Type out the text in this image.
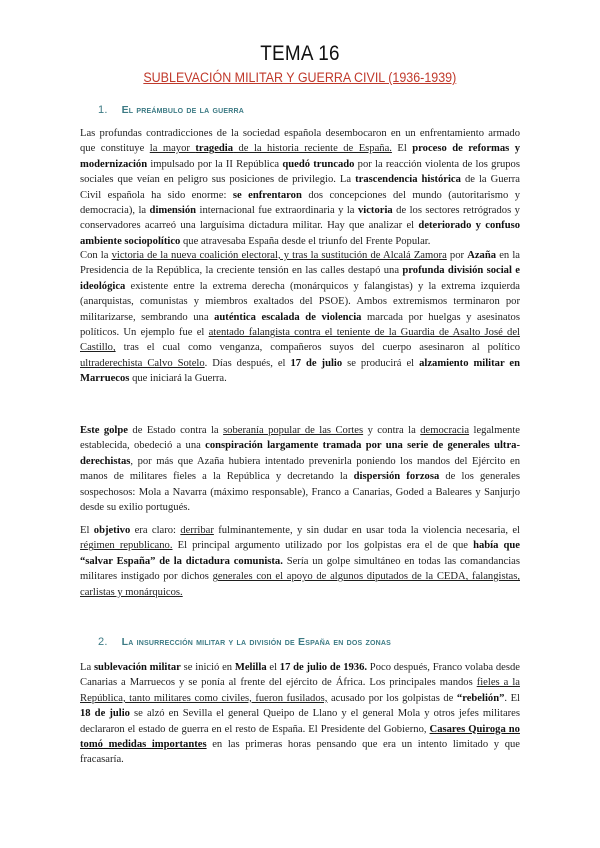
TEMA 16
SUBLEVACIÓN MILITAR Y GUERRA CIVIL (1936-1939)
1. El preámbulo de la guerra

Las profundas contradicciones de la sociedad española desembocaron en un enfrentamiento armado que constituye la mayor tragedia de la historia reciente de España. El proceso de reformas y modernización impulsado por la II República quedó truncado por la reacción violenta de los grupos sociales que veían en peligro sus posiciones de privilegio. La trascendencia histórica de la Guerra Civil española ha sido enorme: se enfrentaron dos concepciones del mundo (autoritarismo y democracia), la dimensión internacional fue extraordinaria y la victoria de los sectores retrógrados y conservadores acarreó una larguísima dictadura militar. Hay que analizar el deteriorado y confuso ambiente sociopolítico que atravesaba España desde el triunfo del Frente Popular.

Con la victoria de la nueva coalición electoral, y tras la sustitución de Alcalá Zamora por Azaña en la Presidencia de la República, la creciente tensión en las calles destapó una profunda división social e ideológica existente entre la extrema derecha (monárquicos y falangistas) y la extrema izquierda (anarquistas, comunistas y miembros exaltados del PSOE). Ambos extremismos terminaron por militarizarse, sembrando una auténtica escalada de violencia marcada por huelgas y asesinatos políticos. Un ejemplo fue el atentado falangista contra el teniente de la Guardia de Asalto José del Castillo, tras el cual como venganza, compañeros suyos del cuerpo asesinaron al político ultraderechista Calvo Sotelo. Días después, el 17 de julio se producirá el alzamiento militar en Marruecos que iniciará la Guerra.

Este golpe de Estado contra la soberanía popular de las Cortes y contra la democracia legalmente establecida, obedeció a una conspiración largamente tramada por una serie de generales ultra-derechistas, por más que Azaña hubiera intentado prevenirla poniendo los mandos del Ejército en manos de militares fieles a la República y decretando la dispersión forzosa de los generales sospechosos: Mola a Navarra (máximo responsable), Franco a Canarias, Goded a Baleares y Sanjurjo desde su exilio portugués.

El objetivo era claro: derribar fulminantemente, y sin dudar en usar toda la violencia necesaria, el régimen republicano. El principal argumento utilizado por los golpistas era el de que había que “salvar España” de la dictadura comunista. Sería un golpe simultáneo en todas las comandancias militares instigado por dichos generales con el apoyo de algunos diputados de la CEDA, falangistas, carlistas y monárquicos.

2. La insurrección militar y la división de España en dos zonas

La sublevación militar se inició en Melilla el 17 de julio de 1936. Poco después, Franco volaba desde Canarias a Marruecos y se ponía al frente del ejército de África. Los principales mandos fieles a la República, tanto militares como civiles, fueron fusilados, acusado por los golpistas de “rebelión”. El 18 de julio se alzó en Sevilla el general Queipo de Llano y el general Mola y otros jefes militares declararon el estado de guerra en el resto de España. El Presidente del Gobierno, Casares Quiroga no tomó medidas importantes en las primeras horas pensando que era un intento limitado y que fracasaría.
